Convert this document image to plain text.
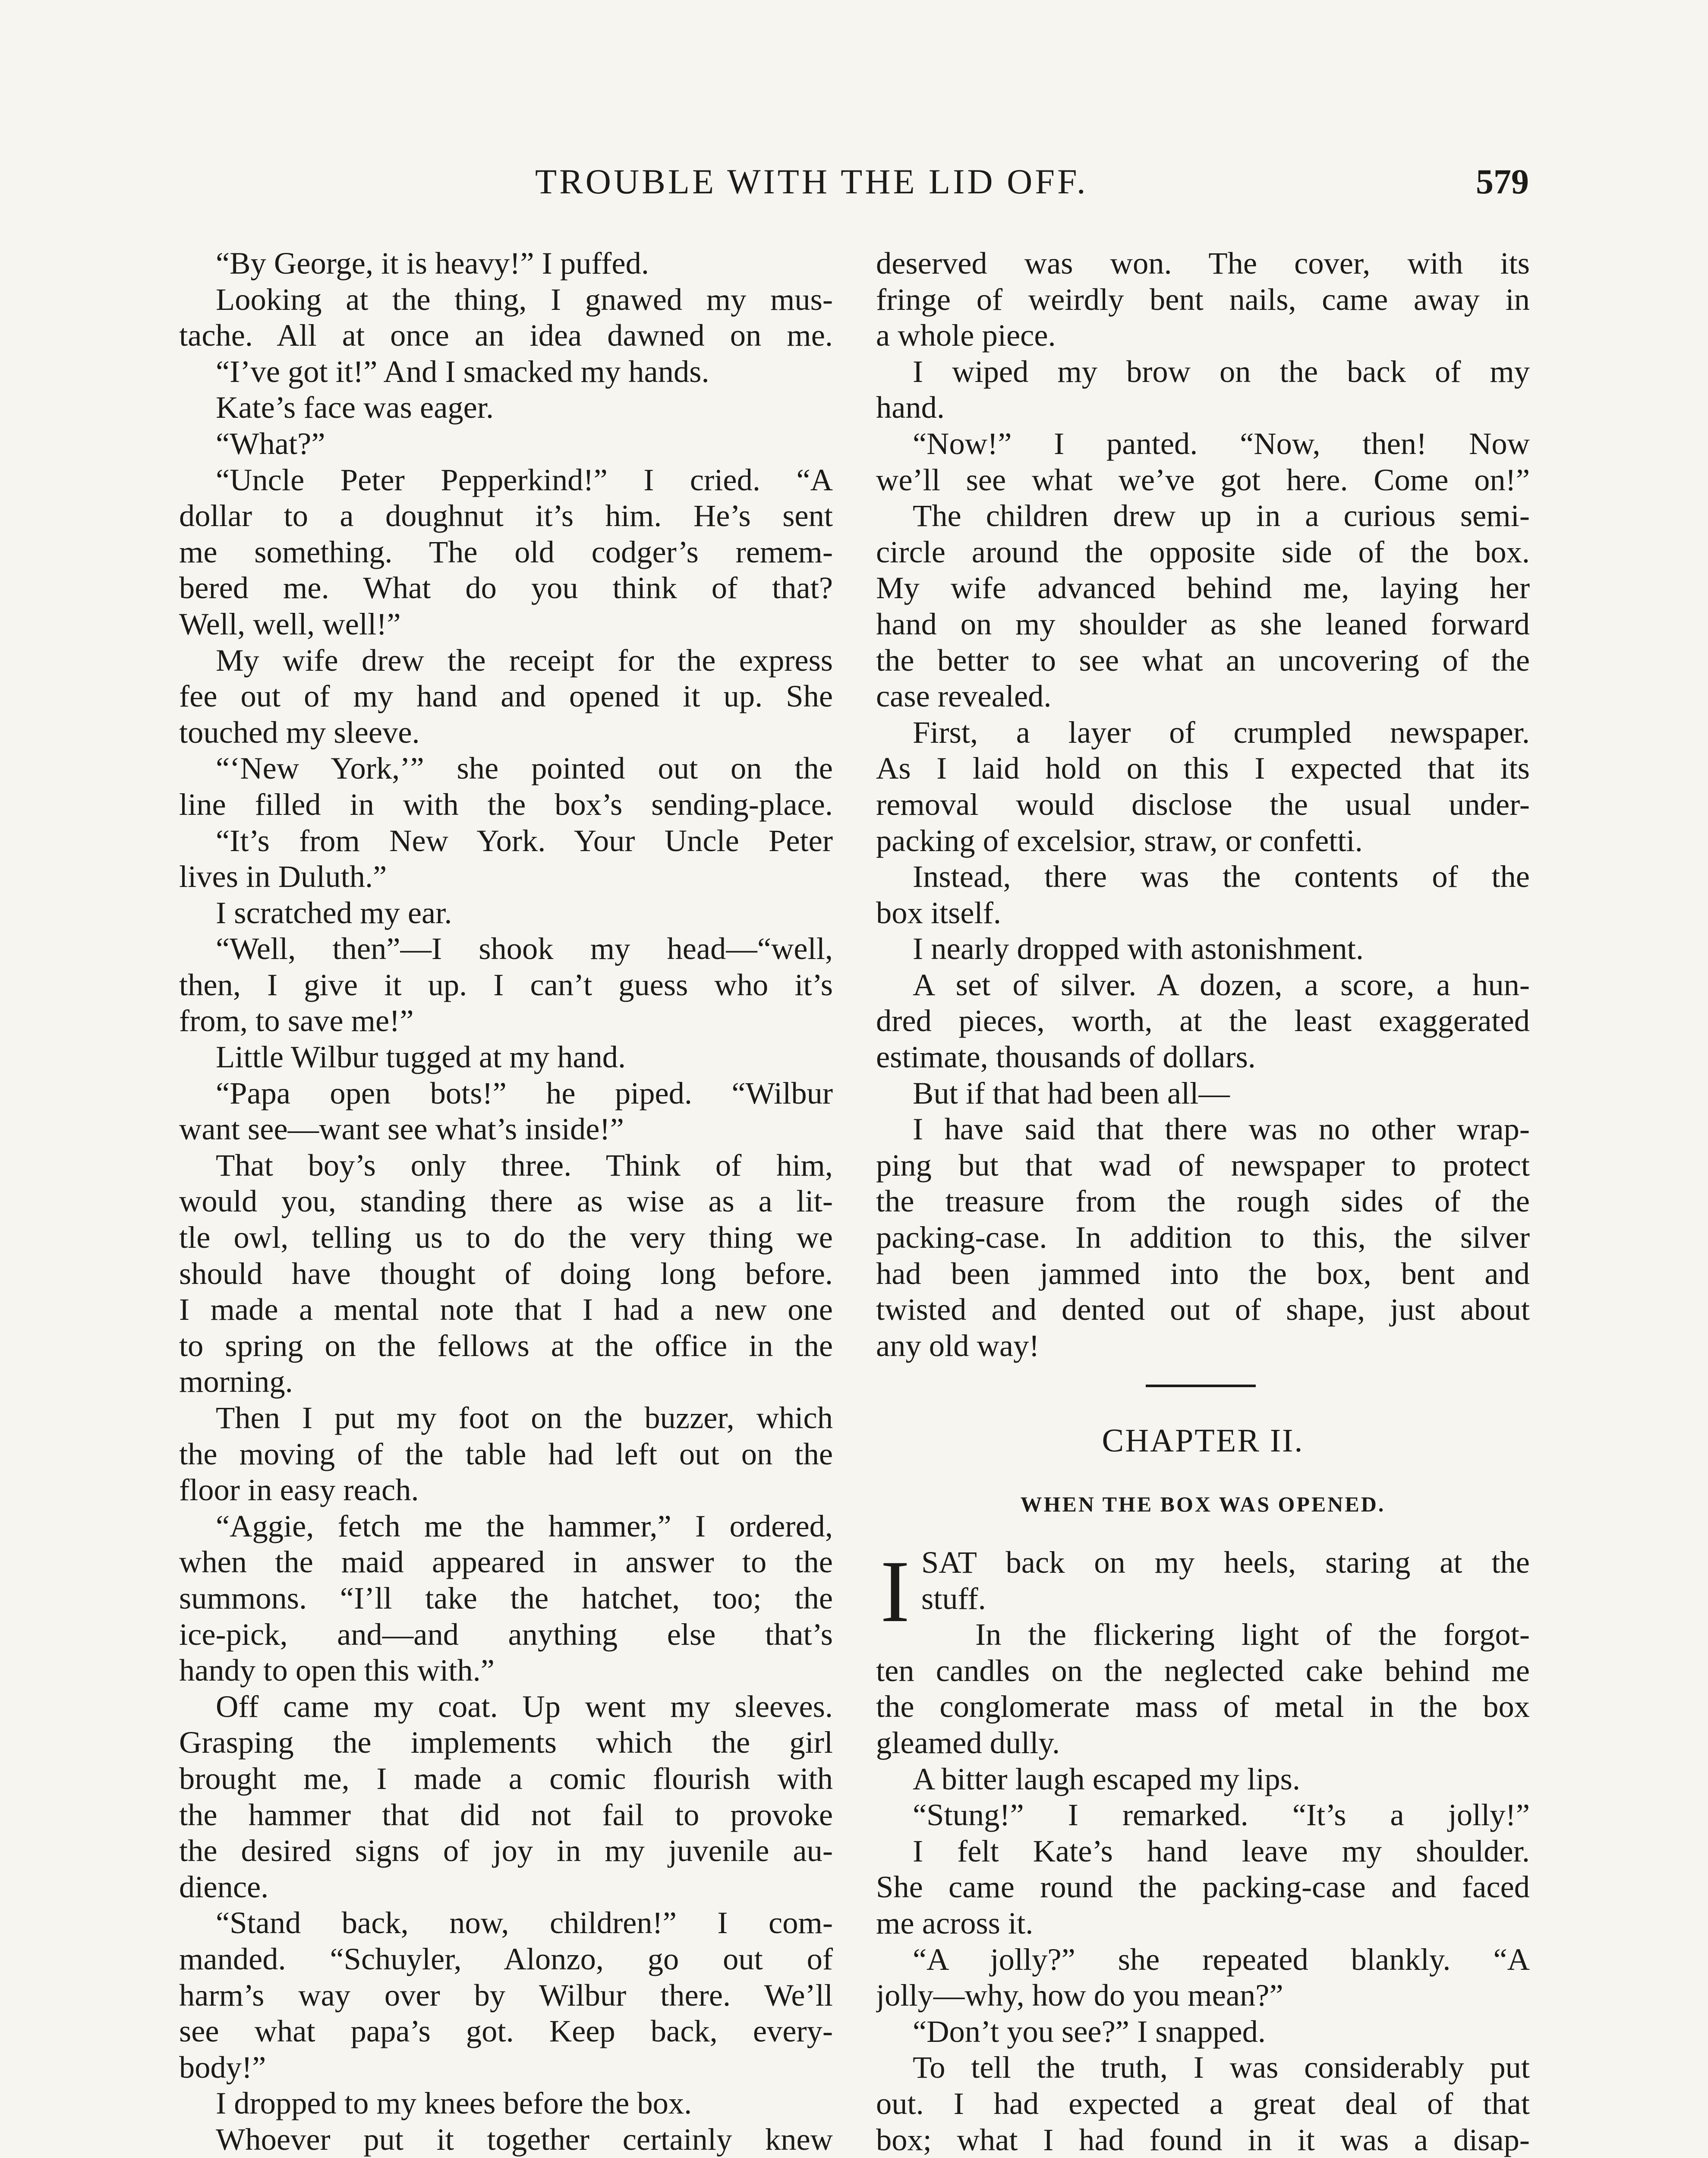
TROUBLE WITH THE LID OFF.	579
“By George, it is heavy!” I puffed.
Looking at the thing, I gnawed my mus-
tache. All at once an idea dawned on me.
“I’ve got it!” And I smacked my hands.
Kate’s face was eager.
“What?”
“Uncle Peter Pepperkind!” I cried. “A
dollar to a doughnut it’s him. He’s sent
me something. The old codger’s remem-
bered me. What do you think of that?
Well, well, well!”
My wife drew the receipt for the express
fee out of my hand and opened it up. She
touched my sleeve.
“‘New York,’” she pointed out on the
line filled in with the box’s sending-place.
“It’s from New York. Your Uncle Peter
lives in Duluth.”
I scratched my ear.
“Well, then”—I shook my head—“well,
then, I give it up. I can’t guess who it’s
from, to save me!”
Little Wilbur tugged at my hand.
“Papa open bots!” he piped. “Wilbur
want see—want see what’s inside!”
That boy’s only three. Think of him,
would you, standing there as wise as a lit-
tle owl, telling us to do the very thing we
should have thought of doing long before.
I made a mental note that I had a new one
to spring on the fellows at the office in the
morning.
Then I put my foot on the buzzer, which
the moving of the table had left out on the
floor in easy reach.
“Aggie, fetch me the hammer,” I ordered,
when the maid appeared in answer to the
summons. “I’ll take the hatchet, too; the
ice-pick, and—and anything else that’s
handy to open this with.”
Off came my coat. Up went my sleeves.
Grasping the implements which the girl
brought me, I made a comic flourish with
the hammer that did not fail to provoke
the desired signs of joy in my juvenile au-
dience.
“Stand back, now, children!” I com-
manded. “Schuyler, Alonzo, go out of
harm’s way over by Wilbur there. We’ll
see what papa’s got. Keep back, every-
body!”
I dropped to my knees before the box.
Whoever put it together certainly knew
deserved was won. The cover, with its
fringe of weirdly bent nails, came away in
a whole piece.
I wiped my brow on the back of my
hand.
“Now!” I panted. “Now, then! Now
we’ll see what we’ve got here. Come on!”
The children drew up in a curious semi-
circle around the opposite side of the box.
My wife advanced behind me, laying her
hand on my shoulder as she leaned forward
the better to see what an uncovering of the
case revealed.
First, a layer of crumpled newspaper.
As I laid hold on this I expected that its
removal would disclose the usual under-
packing of excelsior, straw, or confetti.
Instead, there was the contents of the
box itself.
I nearly dropped with astonishment.
A set of silver. A dozen, a score, a hun-
dred pieces, worth, at the least exaggerated
estimate, thousands of dollars.
But if that had been all—
I have said that there was no other wrap-
ping but that wad of newspaper to protect
the treasure from the rough sides of the
packing-case. In addition to this, the silver
had been jammed into the box, bent and
twisted and dented out of shape, just about
any old way!
CHAPTER II.
WHEN THE BOX WAS OPENED.
I SAT back on my heels, staring at the
stuff.
In the flickering light of the forgot-
ten candles on the neglected cake behind me
the conglomerate mass of metal in the box
gleamed dully.
A bitter laugh escaped my lips.
“Stung!” I remarked. “It’s a jolly!”
I felt Kate’s hand leave my shoulder.
She came round the packing-case and faced
me across it.
“A jolly?” she repeated blankly. “A
jolly—why, how do you mean?”
“Don’t you see?” I snapped.
To tell the truth, I was considerably put
out. I had expected a great deal of that
box; what I had found in it was a disap-
